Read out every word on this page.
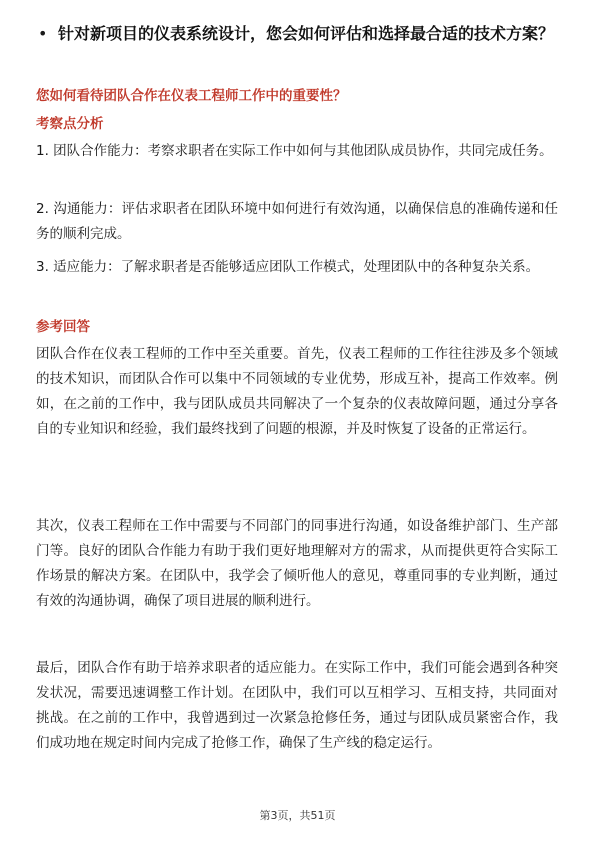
• 针对新项目的仪表系统设计，您会如何评估和选择最合适的技术方案？
您如何看待团队合作在仪表工程师工作中的重要性？
考察点分析
1. 团队合作能力：考察求职者在实际工作中如何与其他团队成员协作，共同完成任务。
2. 沟通能力：评估求职者在团队环境中如何进行有效沟通，以确保信息的准确传递和任务的顺利完成。
3. 适应能力：了解求职者是否能够适应团队工作模式，处理团队中的各种复杂关系。
参考回答
团队合作在仪表工程师的工作中至关重要。首先，仪表工程师的工作往往涉及多个领域的技术知识，而团队合作可以集中不同领域的专业优势，形成互补，提高工作效率。例如，在之前的工作中，我与团队成员共同解决了一个复杂的仪表故障问题，通过分享各自的专业知识和经验，我们最终找到了问题的根源，并及时恢复了设备的正常运行。
其次，仪表工程师在工作中需要与不同部门的同事进行沟通，如设备维护部门、生产部门等。良好的团队合作能力有助于我们更好地理解对方的需求，从而提供更符合实际工作场景的解决方案。在团队中，我学会了倾听他人的意见，尊重同事的专业判断，通过有效的沟通协调，确保了项目进展的顺利进行。
最后，团队合作有助于培养求职者的适应能力。在实际工作中，我们可能会遇到各种突发状况，需要迅速调整工作计划。在团队中，我们可以互相学习、互相支持，共同面对挑战。在之前的工作中，我曾遇到过一次紧急抢修任务，通过与团队成员紧密合作，我们成功地在规定时间内完成了抢修工作，确保了生产线的稳定运行。
第3页，共51页
